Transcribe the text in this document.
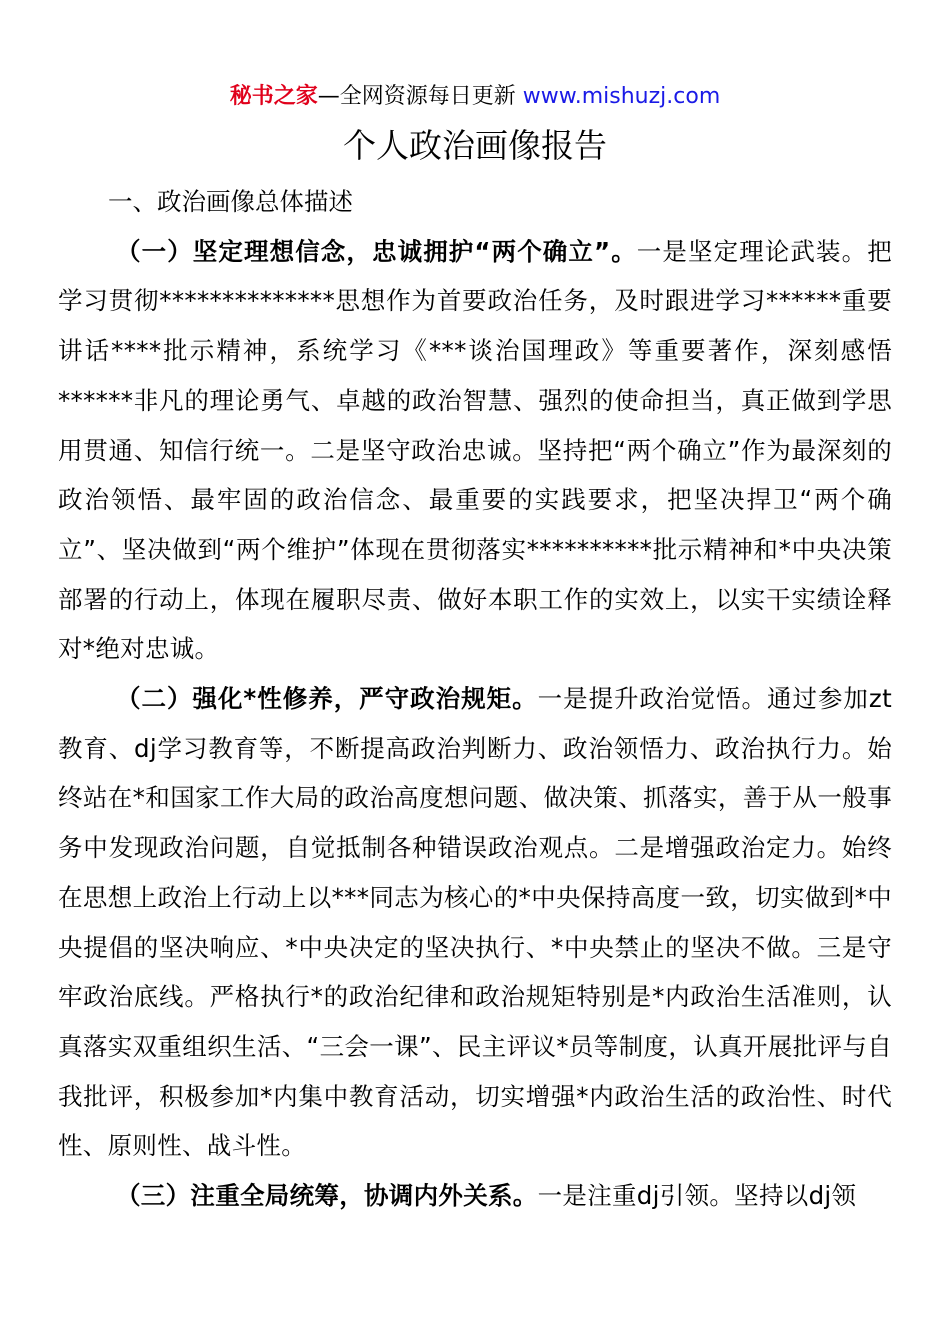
秘书之家—全网资源每日更新 www.mishuzj.com
个人政治画像报告

一、政治画像总体描述

（一）坚定理想信念，忠诚拥护“两个确立”。一是坚定理论武装。把学习贯彻**************思想作为首要政治任务，及时跟进学习******重要讲话****批示精神，系统学习《***谈治国理政》等重要著作，深刻感悟******非凡的理论勇气、卓越的政治智慧、强烈的使命担当，真正做到学思用贯通、知信行统一。二是坚守政治忠诚。坚持把“两个确立”作为最深刻的政治领悟、最牢固的政治信念、最重要的实践要求，把坚决捍卫“两个确立”、坚决做到“两个维护”体现在贯彻落实**********批示精神和*中央决策部署的行动上，体现在履职尽责、做好本职工作的实效上，以实干实绩诠释对*绝对忠诚。

（二）强化*性修养，严守政治规矩。一是提升政治觉悟。通过参加zt教育、dj学习教育等，不断提高政治判断力、政治领悟力、政治执行力。始终站在*和国家工作大局的政治高度想问题、做决策、抓落实，善于从一般事务中发现政治问题，自觉抵制各种错误政治观点。二是增强政治定力。始终在思想上政治上行动上以***同志为核心的*中央保持高度一致，切实做到*中央提倡的坚决响应、*中央决定的坚决执行、*中央禁止的坚决不做。三是守牢政治底线。严格执行*的政治纪律和政治规矩特别是*内政治生活准则，认真落实双重组织生活、“三会一课”、民主评议*员等制度，认真开展批评与自我批评，积极参加*内集中教育活动，切实增强*内政治生活的政治性、时代性、原则性、战斗性。

（三）注重全局统筹，协调内外关系。一是注重dj引领。坚持以dj领
